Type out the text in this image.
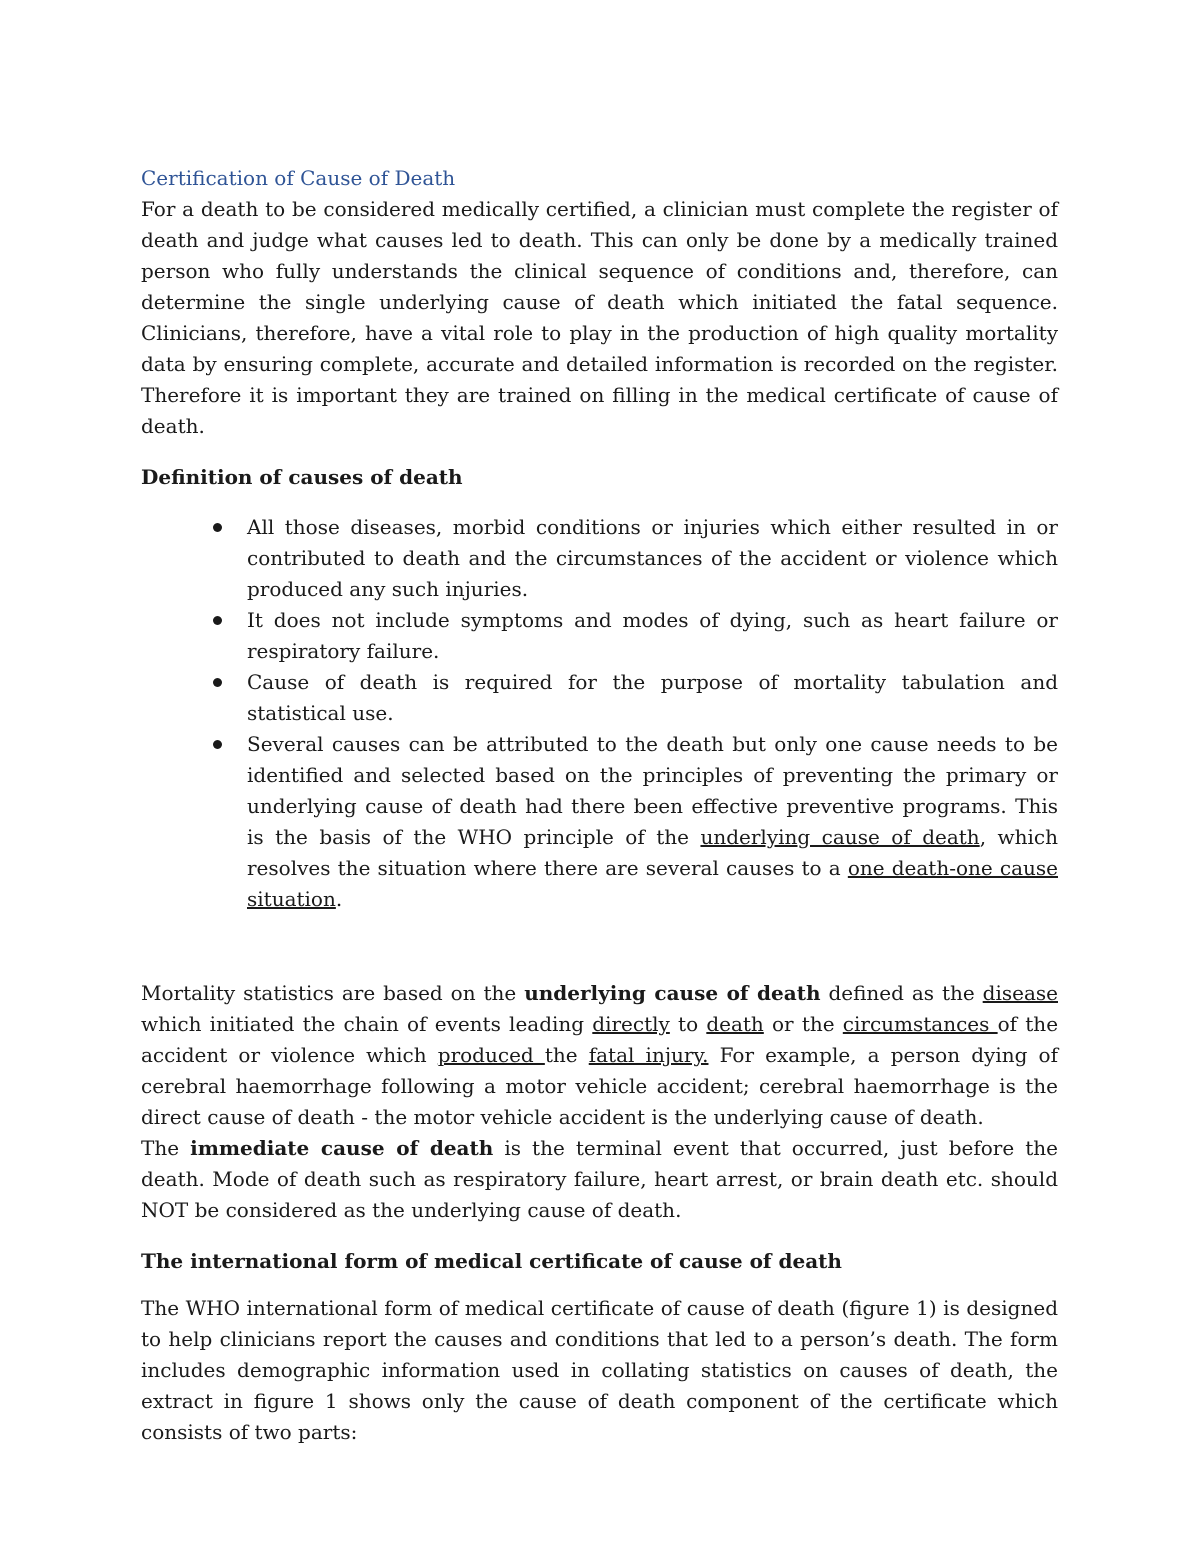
Certification of Cause of Death

For a death to be considered medically certified, a clinician must complete the register of death and judge what causes led to death. This can only be done by a medically trained person who fully understands the clinical sequence of conditions and, therefore, can determine the single underlying cause of death which initiated the fatal sequence. Clinicians, therefore, have a vital role to play in the production of high quality mortality data by ensuring complete, accurate and detailed information is recorded on the register. Therefore it is important they are trained on filling in the medical certificate of cause of death.

Definition of causes of death

All those diseases, morbid conditions or injuries which either resulted in or contributed to death and the circumstances of the accident or violence which produced any such injuries.
It does not include symptoms and modes of dying, such as heart failure or respiratory failure.
Cause of death is required for the purpose of mortality tabulation and statistical use.
Several causes can be attributed to the death but only one cause needs to be identified and selected based on the principles of preventing the primary or underlying cause of death had there been effective preventive programs. This is the basis of the WHO principle of the underlying cause of death, which resolves the situation where there are several causes to a one death-one cause situation.

Mortality statistics are based on the underlying cause of death defined as the disease which initiated the chain of events leading directly to death or the circumstances of the accident or violence which produced the fatal injury. For example, a person dying of cerebral haemorrhage following a motor vehicle accident; cerebral haemorrhage is the direct cause of death - the motor vehicle accident is the underlying cause of death.

The immediate cause of death is the terminal event that occurred, just before the death. Mode of death such as respiratory failure, heart arrest, or brain death etc. should NOT be considered as the underlying cause of death.

The international form of medical certificate of cause of death

The WHO international form of medical certificate of cause of death (figure 1) is designed to help clinicians report the causes and conditions that led to a person’s death. The form includes demographic information used in collating statistics on causes of death, the extract in figure 1 shows only the cause of death component of the certificate which consists of two parts:
